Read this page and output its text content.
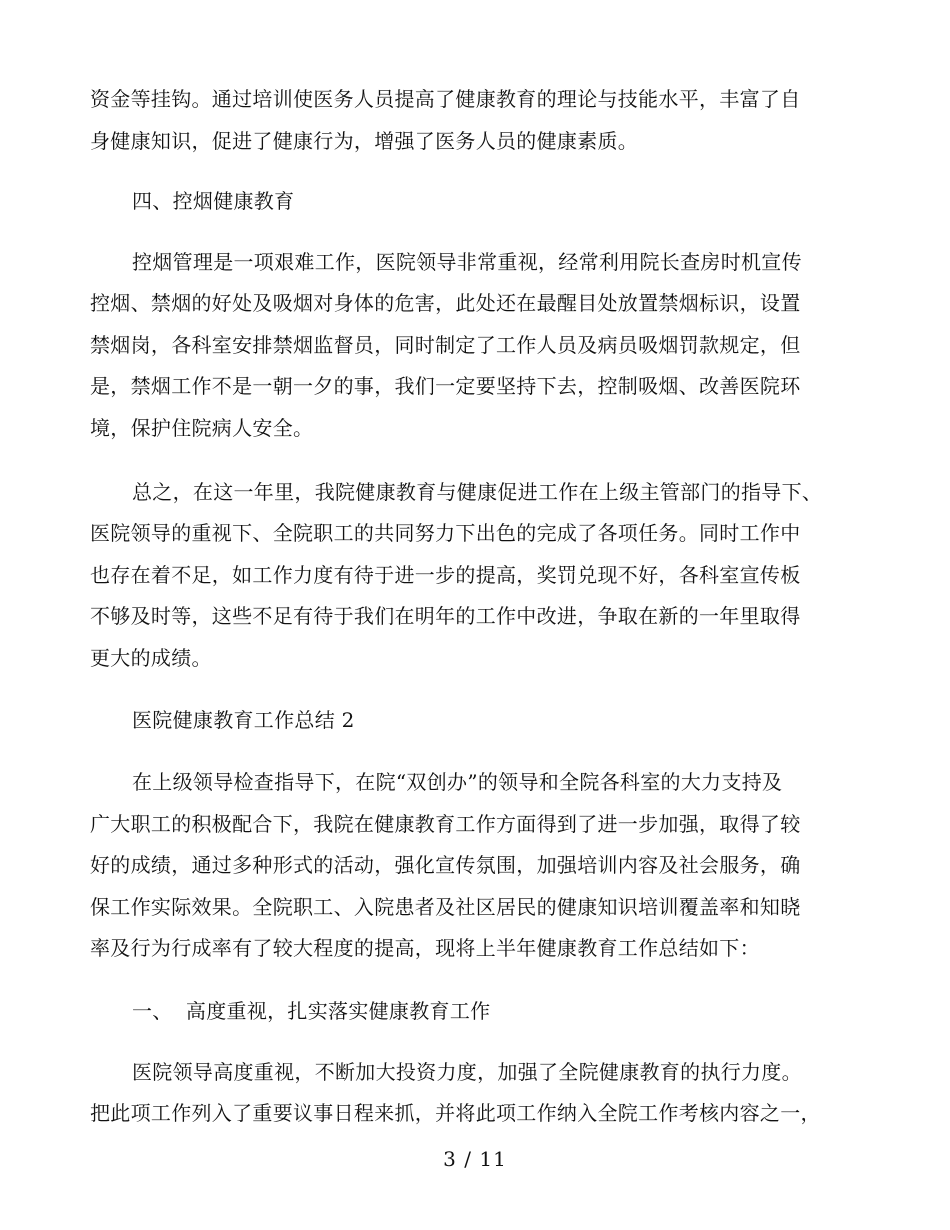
资金等挂钩。通过培训使医务人员提高了健康教育的理论与技能水平，丰富了自
身健康知识，促进了健康行为，增强了医务人员的健康素质。
四、控烟健康教育
控烟管理是一项艰难工作，医院领导非常重视，经常利用院长查房时机宣传
控烟、禁烟的好处及吸烟对身体的危害，此处还在最醒目处放置禁烟标识，设置
禁烟岗，各科室安排禁烟监督员，同时制定了工作人员及病员吸烟罚款规定，但
是，禁烟工作不是一朝一夕的事，我们一定要坚持下去，控制吸烟、改善医院环
境，保护住院病人安全。
总之，在这一年里，我院健康教育与健康促进工作在上级主管部门的指导下、
医院领导的重视下、全院职工的共同努力下出色的完成了各项任务。同时工作中
也存在着不足，如工作力度有待于进一步的提高，奖罚兑现不好，各科室宣传板
不够及时等，这些不足有待于我们在明年的工作中改进，争取在新的一年里取得
更大的成绩。
医院健康教育工作总结 2
在上级领导检查指导下，在院“双创办”的领导和全院各科室的大力支持及
广大职工的积极配合下，我院在健康教育工作方面得到了进一步加强，取得了较
好的成绩，通过多种形式的活动，强化宣传氛围，加强培训内容及社会服务，确
保工作实际效果。全院职工、入院患者及社区居民的健康知识培训覆盖率和知晓
率及行为行成率有了较大程度的提高，现将上半年健康教育工作总结如下：
一、  高度重视，扎实落实健康教育工作
医院领导高度重视，不断加大投资力度，加强了全院健康教育的执行力度。
把此项工作列入了重要议事日程来抓，并将此项工作纳入全院工作考核内容之一，
3 / 11
